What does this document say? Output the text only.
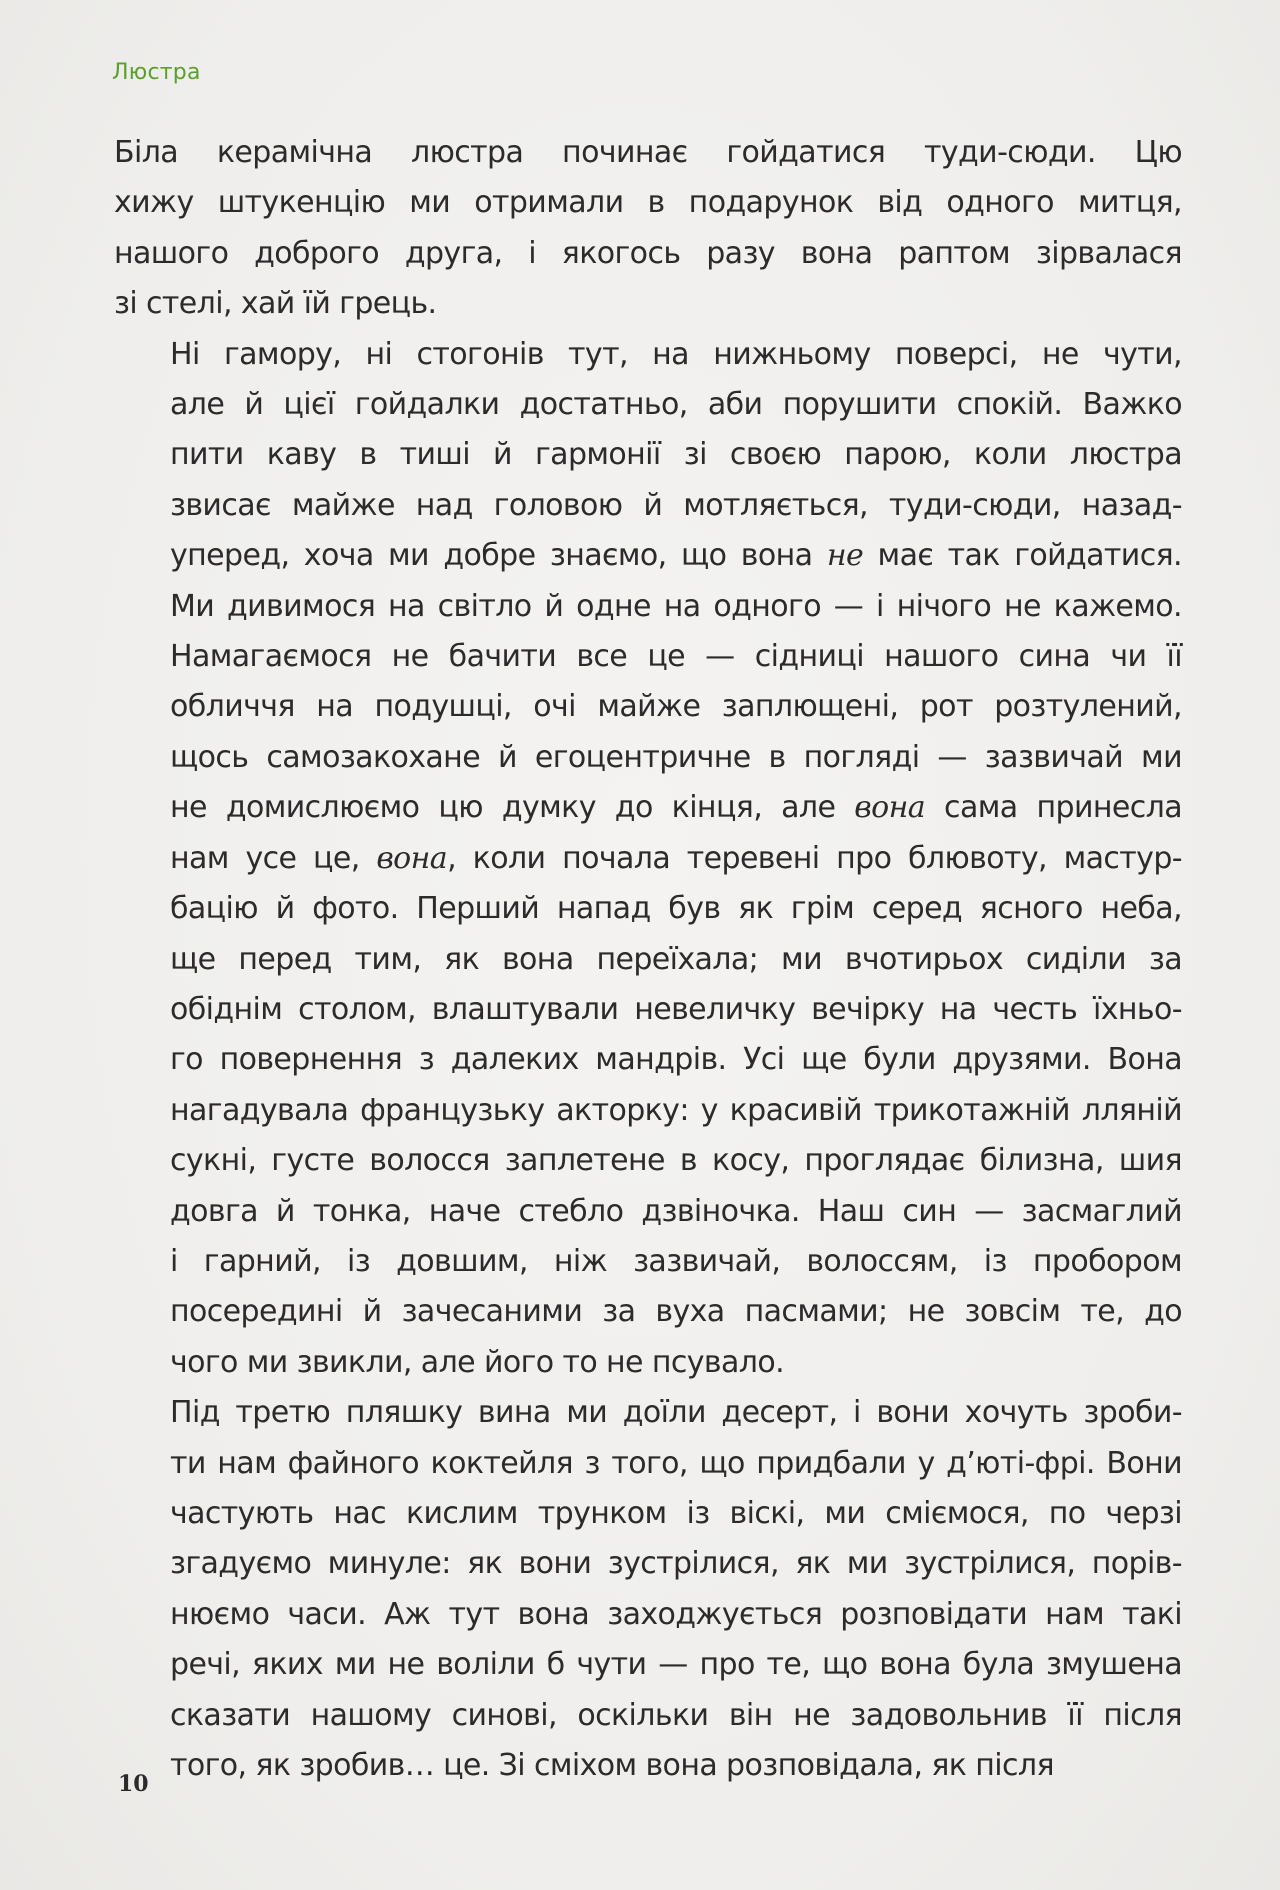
Люстра

Біла керамічна люстра починає гойдатися туди-сюди. Цю
хижу штукенцію ми отримали в подарунок від одного митця,
нашого доброго друга, і якогось разу вона раптом зірвалася
зі стелі, хай їй грець.

Ні гамору, ні стогонів тут, на нижньому поверсі, не чути,
але й цієї гойдалки достатньо, аби порушити спокій. Важко
пити каву в тиші й гармонії зі своєю парою, коли люстра
звисає майже над головою й мотляється, туди-сюди, назад-
уперед, хоча ми добре знаємо, що вона не має так гойдатися.
Ми дивимося на світло й одне на одного — і нічого не кажемо.
Намагаємося не бачити все це — сідниці нашого сина чи її
обличчя на подушці, очі майже заплющені, рот розтулений,
щось самозакохане й егоцентричне в погляді — зазвичай ми
не домислюємо цю думку до кінця, але вона сама принесла
нам усе це, вона, коли почала теревені про блювоту, мастур-
бацію й фото. Перший напад був як грім серед ясного неба,
ще перед тим, як вона переїхала; ми вчотирьох сиділи за
обіднім столом, влаштували невеличку вечірку на честь їхньо-
го повернення з далеких мандрів. Усі ще були друзями. Вона
нагадувала французьку акторку: у красивій трикотажній лляній
сукні, густе волосся заплетене в косу, проглядає білизна, шия
довга й тонка, наче стебло дзвіночка. Наш син — засмаглий
і гарний, із довшим, ніж зазвичай, волоссям, із пробором
посередині й зачесаними за вуха пасмами; не зовсім те, до
чого ми звикли, але його то не псувало.

Під третю пляшку вина ми доїли десерт, і вони хочуть зроби-
ти нам файного коктейля з того, що придбали у д’юті-фрі. Вони
частують нас кислим трунком із віскі, ми сміємося, по черзі
згадуємо минуле: як вони зустрілися, як ми зустрілися, порів-
нюємо часи. Аж тут вона заходжується розповідати нам такі
речі, яких ми не воліли б чути — про те, що вона була змушена
сказати нашому синові, оскільки він не задовольнив її після
того, як зробив… це. Зі сміхом вона розповідала, як після

10
